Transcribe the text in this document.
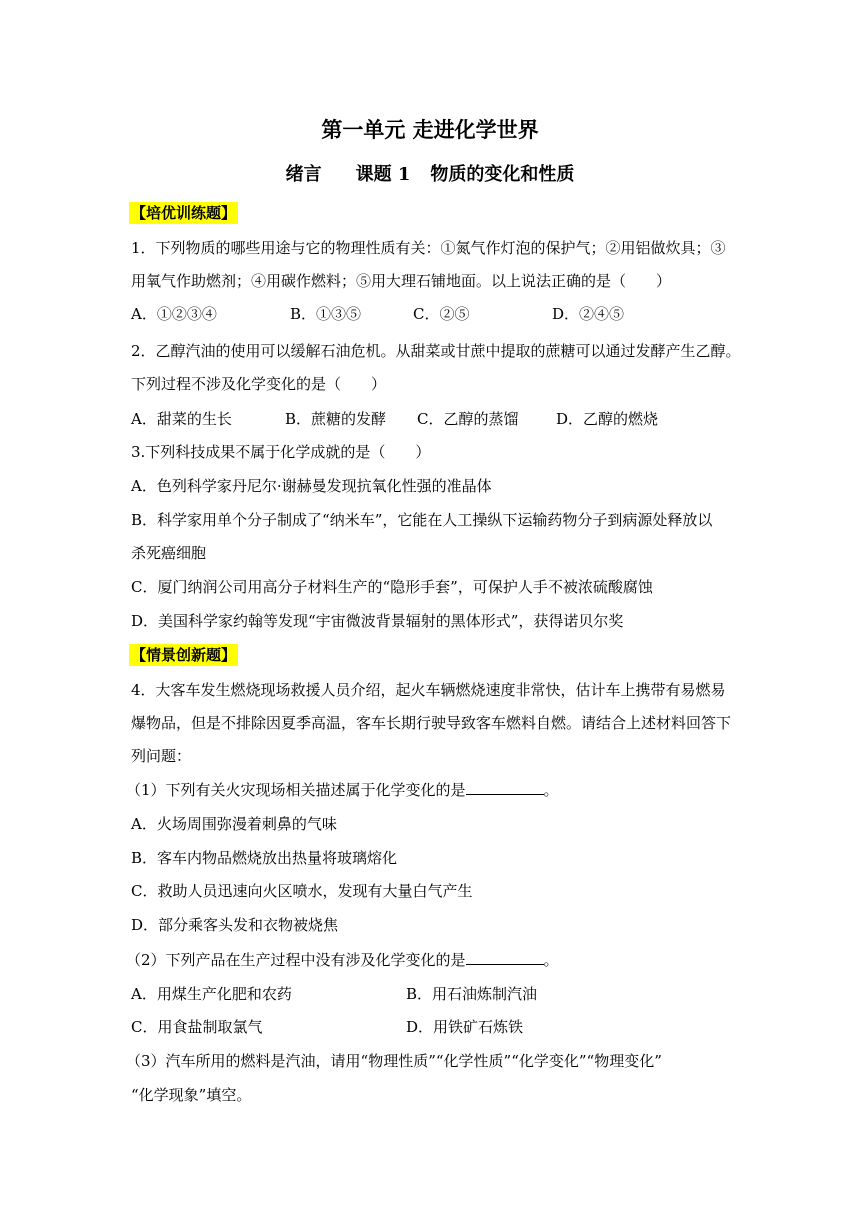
第一单元 走进化学世界
绪言 课题 1 物质的变化和性质
【培优训练题】
1．下列物质的哪些用途与它的物理性质有关：①氮气作灯泡的保护气；②用铝做炊具；③
用氧气作助燃剂；④用碳作燃料；⑤用大理石铺地面。以上说法正确的是（　　）
A．①②③④	B．①③⑤	C．②⑤	D．②④⑤
2．乙醇汽油的使用可以缓解石油危机。从甜菜或甘蔗中提取的蔗糖可以通过发酵产生乙醇。
下列过程不涉及化学变化的是（　　）
A．甜菜的生长	B．蔗糖的发酵 C．乙醇的蒸馏	D．乙醇的燃烧
3.下列科技成果不属于化学成就的是（　　）
A．色列科学家丹尼尔·谢赫曼发现抗氧化性强的准晶体
B．科学家用单个分子制成了“纳米车”，它能在人工操纵下运输药物分子到病源处释放以
杀死癌细胞
C．厦门纳润公司用高分子材料生产的“隐形手套”，可保护人手不被浓硫酸腐蚀
D．美国科学家约翰等发现“宇宙微波背景辐射的黑体形式”，获得诺贝尔奖
【情景创新题】
4．大客车发生燃烧现场救援人员介绍，起火车辆燃烧速度非常快，估计车上携带有易燃易
爆物品，但是不排除因夏季高温，客车长期行驶导致客车燃料自燃。请结合上述材料回答下
列问题：
（1）下列有关火灾现场相关描述属于化学变化的是	。
A．火场周围弥漫着刺鼻的气味
B．客车内物品燃烧放出热量将玻璃熔化
C．救助人员迅速向火区喷水，发现有大量白气产生
D．部分乘客头发和衣物被烧焦
（2）下列产品在生产过程中没有涉及化学变化的是	。
A．用煤生产化肥和农药	B．用石油炼制汽油
C．用食盐制取氯气	D．用铁矿石炼铁
（3）汽车所用的燃料是汽油，请用“物理性质”“化学性质”“化学变化”“物理变化”
“化学现象”填空。
